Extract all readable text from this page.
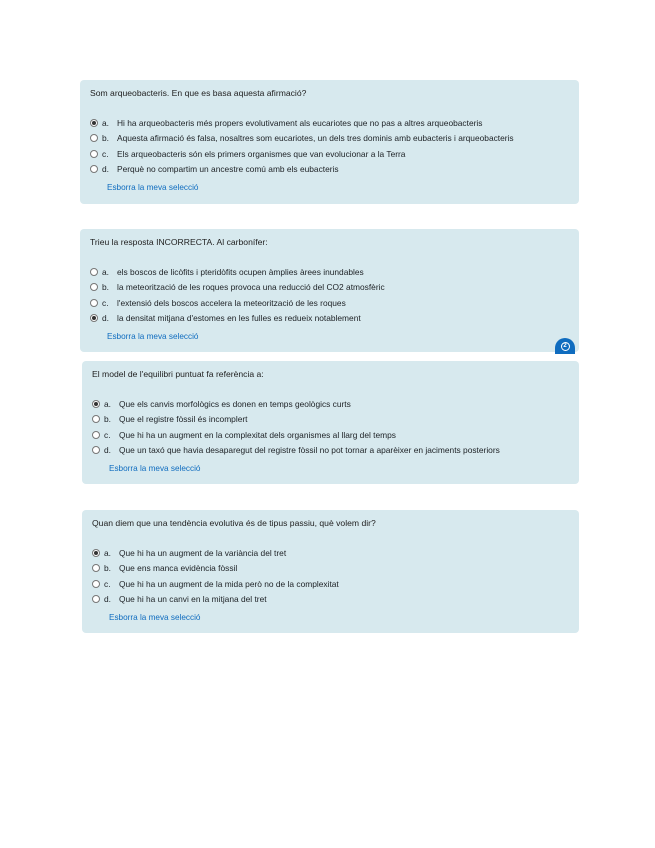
Som arqueobacteris. En que es basa aquesta afirmació?
a. Hi ha arqueobacteris més propers evolutivament als eucariotes que no pas a altres arqueobacteris
b. Aquesta afirmació és falsa, nosaltres som eucariotes, un dels tres dominis amb eubacteris i arqueobacteris
c.	Els arqueobacteris són els primers organismes que van evolucionar a la Terra
d. Perquè no compartim un ancestre comú amb els eubacteris
Esborra la meva selecció
Trieu la resposta INCORRECTA. Al carbonífer:
a. els boscos de licòfits i pteridòfits ocupen àmplies àrees inundables
b. la meteorització de les roques provoca una reducció del CO2 atmosfèric
c.	l'extensió dels boscos accelera la meteorització de les roques
d. la densitat mitjana d'estomes en les fulles es redueix notablement
Esborra la meva selecció
2
El model de l'equilibri puntuat fa referència a:
a. Que els canvis morfològics es donen en temps geològics curts
b. Que el registre fòssil és incomplert
c.	Que hi ha un augment en la complexitat dels organismes al llarg del temps
d. Que un taxó que havia desaparegut del registre fòssil no pot tornar a aparèixer en jaciments posteriors
Esborra la meva selecció
Quan diem que una tendència evolutiva és de tipus passiu, què volem dir?
a. Que hi ha un augment de la variància del tret
b. Que ens manca evidència fòssil
c.	Que hi ha un augment de la mida però no de la complexitat
d. Que hi ha un canvi en la mitjana del tret
Esborra la meva selecció
